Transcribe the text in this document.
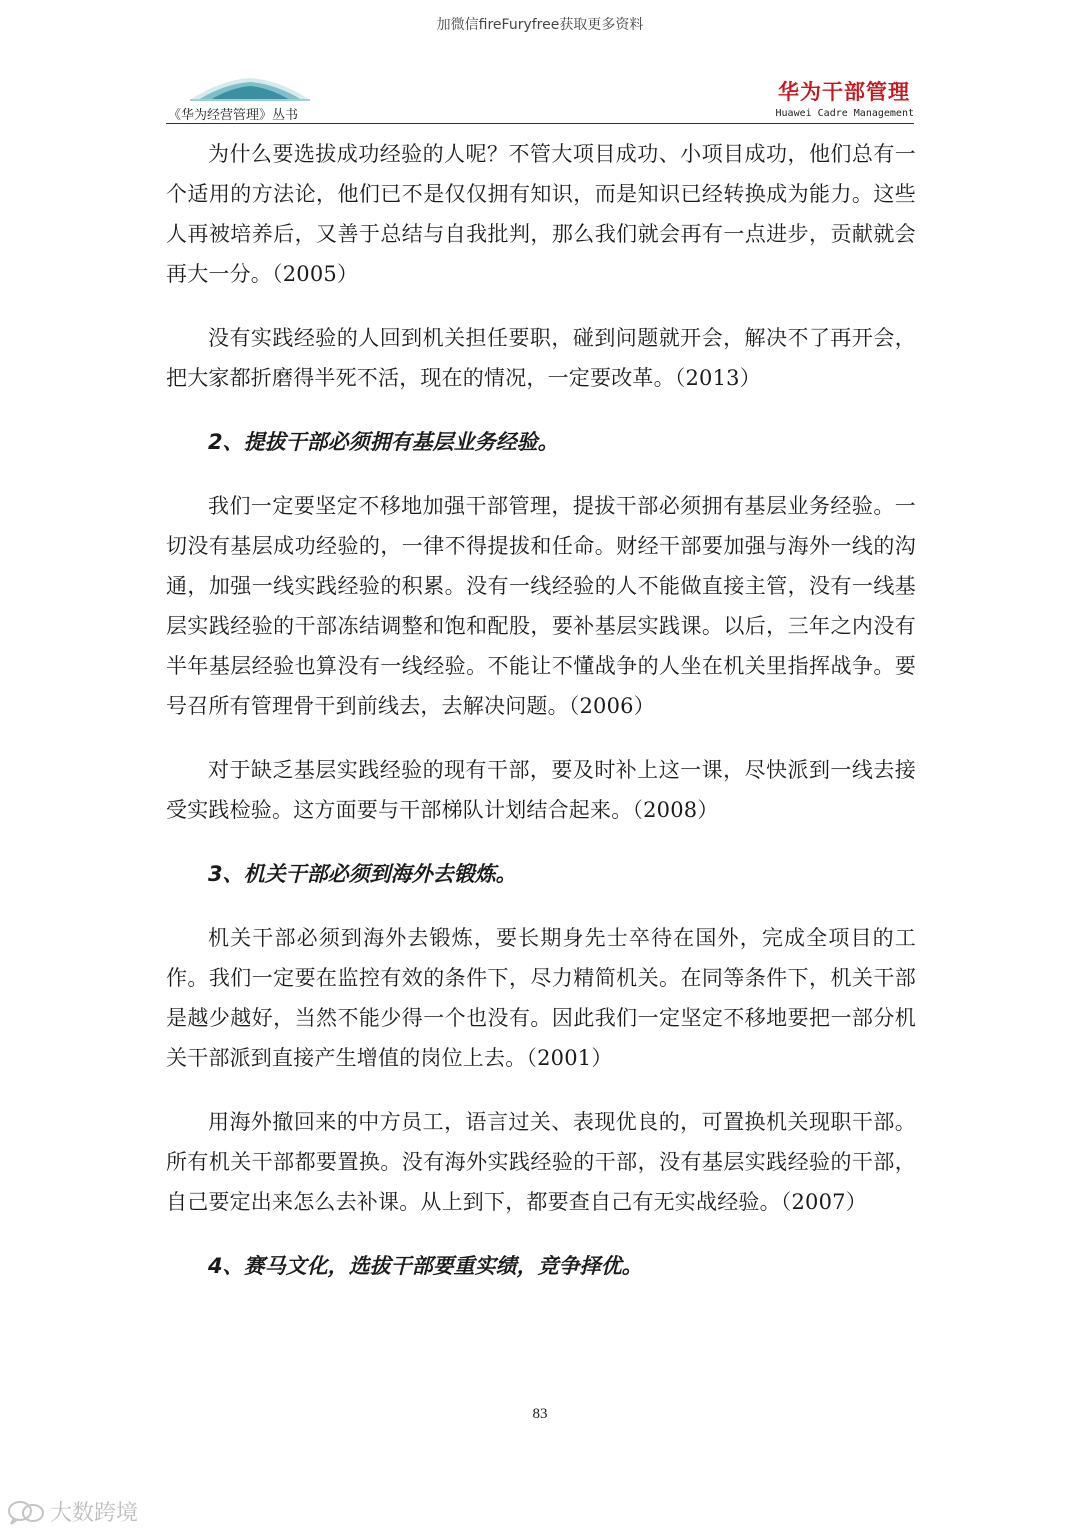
加微信fireFuryfree获取更多资料
《华为经营管理》丛书
华为干部管理
Huawei Cadre Management

为什么要选拔成功经验的人呢？不管大项目成功、小项目成功，他们总有一个适用的方法论，他们已不是仅仅拥有知识，而是知识已经转换成为能力。这些人再被培养后，又善于总结与自我批判，那么我们就会再有一点进步，贡献就会再大一分。（2005）

没有实践经验的人回到机关担任要职，碰到问题就开会，解决不了再开会，把大家都折磨得半死不活，现在的情况，一定要改革。（2013）

2、提拔干部必须拥有基层业务经验。

我们一定要坚定不移地加强干部管理，提拔干部必须拥有基层业务经验。一切没有基层成功经验的，一律不得提拔和任命。财经干部要加强与海外一线的沟通，加强一线实践经验的积累。没有一线经验的人不能做直接主管，没有一线基层实践经验的干部冻结调整和饱和配股，要补基层实践课。以后，三年之内没有半年基层经验也算没有一线经验。不能让不懂战争的人坐在机关里指挥战争。要号召所有管理骨干到前线去，去解决问题。（2006）

对于缺乏基层实践经验的现有干部，要及时补上这一课，尽快派到一线去接受实践检验。这方面要与干部梯队计划结合起来。（2008）

3、机关干部必须到海外去锻炼。

机关干部必须到海外去锻炼，要长期身先士卒待在国外，完成全项目的工作。我们一定要在监控有效的条件下，尽力精简机关。在同等条件下，机关干部是越少越好，当然不能少得一个也没有。因此我们一定坚定不移地要把一部分机关干部派到直接产生增值的岗位上去。（2001）

用海外撤回来的中方员工，语言过关、表现优良的，可置换机关现职干部。所有机关干部都要置换。没有海外实践经验的干部，没有基层实践经验的干部，自己要定出来怎么去补课。从上到下，都要查自己有无实战经验。（2007）

4、赛马文化，选拔干部要重实绩，竞争择优。

83
大数跨境
